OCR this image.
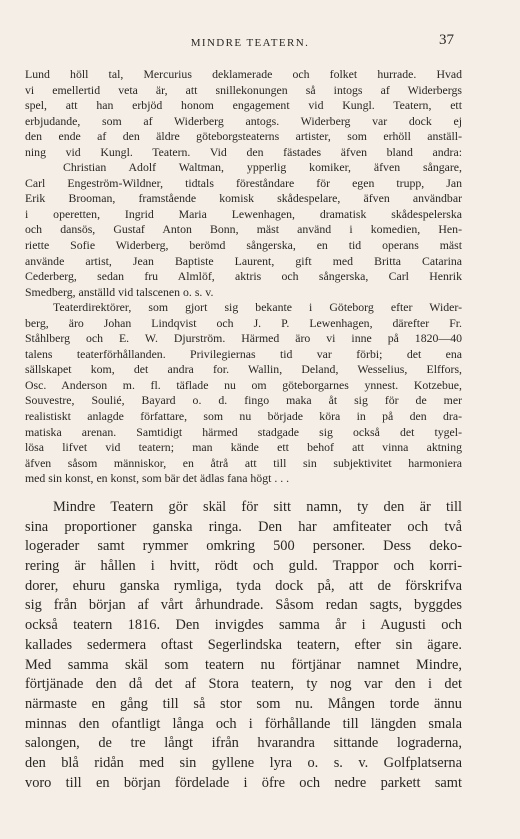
MINDRE TEATERN.	37
Lund höll tal, Mercurius deklamerade och folket hurrade. Hvad
vi emellertid veta är, att snillekonungen så intogs af Widerbergs
spel, att han erbjöd honom engagement vid Kungl. Teatern, ett
erbjudande, som af Widerberg antogs. Widerberg var dock ej
den ende af den äldre göteborgsteaterns artister, som erhöll anställ-
ning vid Kungl. Teatern. Vid den fästades äfven bland andra:
Christian Adolf Waltman, ypperlig komiker, äfven sångare,
Carl Engeström-Wildner, tidtals föreståndare för egen trupp, Jan
Erik Brooman, framstående komisk skådespelare, äfven användbar
i operetten, Ingrid Maria Lewenhagen, dramatisk skådespelerska
och dansös, Gustaf Anton Bonn, mäst använd i komedien, Hen-
riette Sofie Widerberg, berömd sångerska, en tid operans mäst
använde artist, Jean Baptiste Laurent, gift med Britta Catarina
Cederberg, sedan fru Almlöf, aktris och sångerska, Carl Henrik
Smedberg, anställd vid talscenen o. s. v.
Teaterdirektörer, som gjort sig bekante i Göteborg efter Wider-
berg, äro Johan Lindqvist och J. P. Lewenhagen, därefter Fr.
Ståhlberg och E. W. Djurström. Härmed äro vi inne på 1820—40
talens teaterförhållanden. Privilegiernas tid var förbi; det ena
sällskapet kom, det andra for. Wallin, Deland, Wesselius, Elffors,
Osc. Anderson m. fl. täflade nu om göteborgarnes ynnest. Kotzebue,
Souvestre, Soulié, Bayard o. d. fingo maka åt sig för de mer
realistiskt anlagde författare, som nu började köra in på den dra-
matiska arenan. Samtidigt härmed stadgade sig också det tygel-
lösa lifvet vid teatern; man kände ett behof att vinna aktning
äfven såsom människor, en åtrå att till sin subjektivitet harmoniera
med sin konst, en konst, som bär det ädlas fana högt . . .
Mindre Teatern gör skäl för sitt namn, ty den är till
sina proportioner ganska ringa. Den har amfiteater och två
logerader samt rymmer omkring 500 personer. Dess deko-
rering är hållen i hvitt, rödt och guld. Trappor och korri-
dorer, ehuru ganska rymliga, tyda dock på, att de förskrifva
sig från början af vårt århundrade. Såsom redan sagts, byggdes
också teatern 1816. Den invigdes samma år i Augusti och
kallades sedermera oftast Segerlindska teatern, efter sin ägare.
Med samma skäl som teatern nu förtjänar namnet Mindre,
förtjänade den då det af Stora teatern, ty nog var den i det
närmaste en gång till så stor som nu. Mången torde ännu
minnas den ofantligt långa och i förhållande till längden smala
salongen, de tre långt ifrån hvarandra sittande lograderna,
den blå ridån med sin gyllene lyra o. s. v. Golfplatserna
voro till en början fördelade i öfre och nedre parkett samt
